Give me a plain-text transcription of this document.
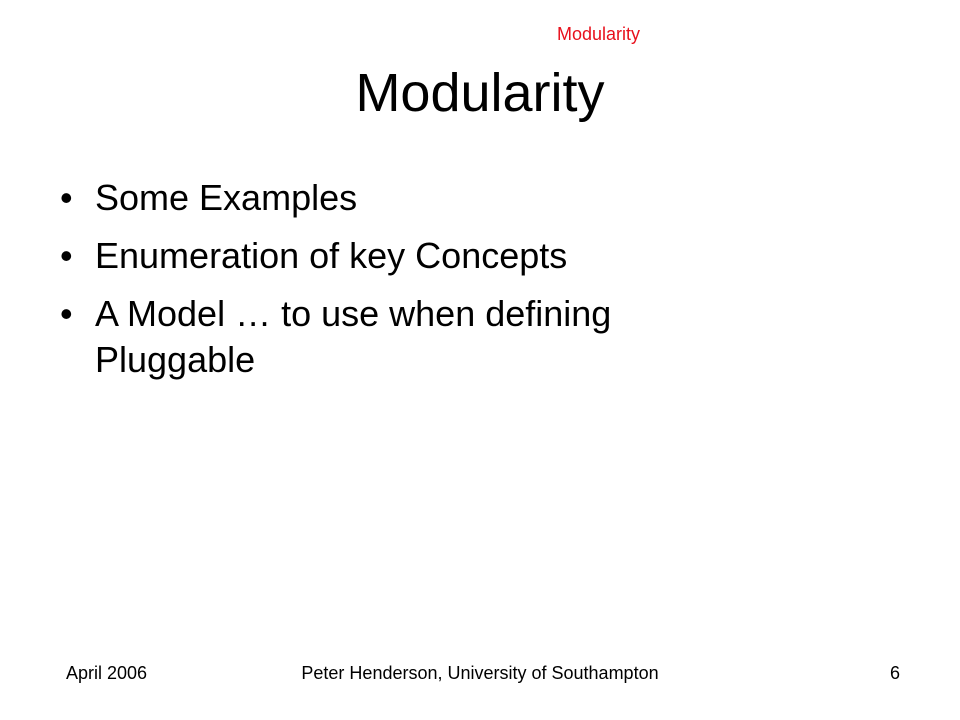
Modularity
Modularity
• Some Examples
• Enumeration of key Concepts
• A Model … to use when defining Pluggable
April 2006	Peter Henderson, University of Southampton	6
